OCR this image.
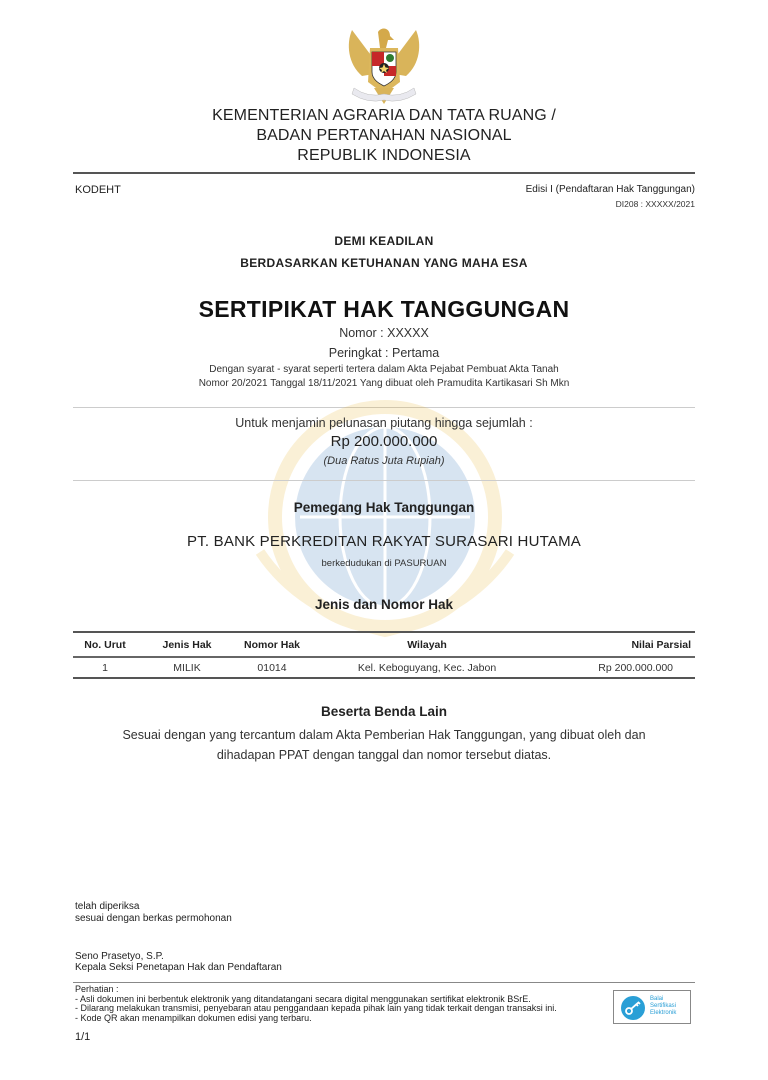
KEMENTERIAN AGRARIA DAN TATA RUANG /
BADAN PERTANAHAN NASIONAL
REPUBLIK INDONESIA
KODEHT	Edisi I (Pendaftaran Hak Tanggungan)
DI208 : XXXXX/2021
DEMI KEADILAN
BERDASARKAN KETUHANAN YANG MAHA ESA
SERTIPIKAT HAK TANGGUNGAN
Nomor : XXXXX
Peringkat : Pertama
Dengan syarat - syarat seperti tertera dalam Akta Pejabat Pembuat Akta Tanah
Nomor 20/2021 Tanggal 18/11/2021 Yang dibuat oleh Pramudita Kartikasari Sh Mkn
Untuk menjamin pelunasan piutang hingga sejumlah :
Rp 200.000.000
(Dua Ratus Juta Rupiah)
Pemegang Hak Tanggungan
PT. BANK PERKREDITAN RAKYAT SURASARI HUTAMA
berkedudukan di PASURUAN
Jenis dan Nomor Hak
No. Urut	Jenis Hak	Nomor Hak	Wilayah	Nilai Parsial
1	MILIK	01014	Kel. Keboguyang, Kec. Jabon	Rp 200.000.000
Beserta Benda Lain
Sesuai dengan yang tercantum dalam Akta Pemberian Hak Tanggungan, yang dibuat oleh dan
dihadapan PPAT dengan tanggal dan nomor tersebut diatas.
telah diperiksa
sesuai dengan berkas permohonan
Seno Prasetyo, S.P.
Kepala Seksi Penetapan Hak dan Pendaftaran
Perhatian :
- Asli dokumen ini berbentuk elektronik yang ditandatangani secara digital menggunakan sertifikat elektronik BSrE.
- Dilarang melakukan transmisi, penyebaran atau penggandaan kepada pihak lain yang tidak terkait dengan transaksi ini.
- Kode QR akan menampilkan dokumen edisi yang terbaru.
Balai
Sertifikasi
Elektronik
1/1
